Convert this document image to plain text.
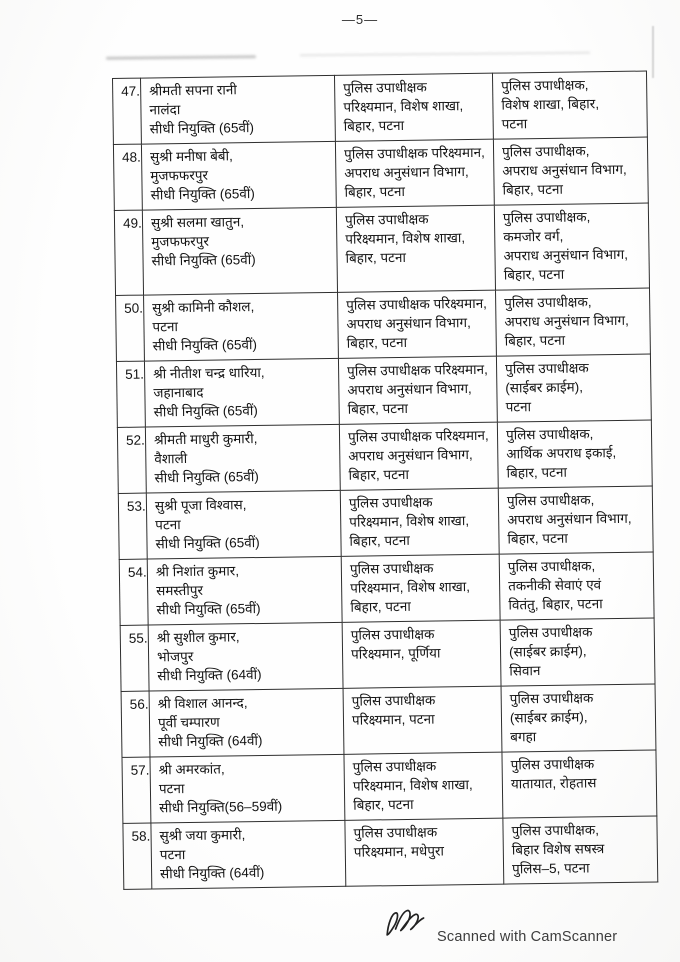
—5—
47.	श्रीमती सपना रानी
नालंदा
सीधी नियुक्ति (65वीं)	पुलिस उपाधीक्षक
परिक्ष्यमान, विशेष शाखा,
बिहार, पटना	पुलिस उपाधीक्षक,
विशेष शाखा, बिहार,
पटना
48.	सुश्री मनीषा बेबी,
मुजफफरपुर
सीधी नियुक्ति (65वीं)	पुलिस उपाधीक्षक परिक्ष्यमान,
अपराध अनुसंधान विभाग,
बिहार, पटना	पुलिस उपाधीक्षक,
अपराध अनुसंधान विभाग,
बिहार, पटना
49.	सुश्री सलमा खातुन,
मुजफफरपुर
सीधी नियुक्ति (65वीं)	पुलिस उपाधीक्षक
परिक्ष्यमान, विशेष शाखा,
बिहार, पटना	पुलिस उपाधीक्षक,
कमजोर वर्ग,
अपराध अनुसंधान विभाग,
बिहार, पटना
50.	सुश्री कामिनी कौशल,
पटना
सीधी नियुक्ति (65वीं)	पुलिस उपाधीक्षक परिक्ष्यमान,
अपराध अनुसंधान विभाग,
बिहार, पटना	पुलिस उपाधीक्षक,
अपराध अनुसंधान विभाग,
बिहार, पटना
51.	श्री नीतीश चन्द्र धारिया,
जहानाबाद
सीधी नियुक्ति (65वीं)	पुलिस उपाधीक्षक परिक्ष्यमान,
अपराध अनुसंधान विभाग,
बिहार, पटना	पुलिस उपाधीक्षक
(साईबर क्राईम),
पटना
52.	श्रीमती माधुरी कुमारी,
वैशाली
सीधी नियुक्ति (65वीं)	पुलिस उपाधीक्षक परिक्ष्यमान,
अपराध अनुसंधान विभाग,
बिहार, पटना	पुलिस उपाधीक्षक,
आर्थिक अपराध इकाई,
बिहार, पटना
53.	सुश्री पूजा विश्वास,
पटना
सीधी नियुक्ति (65वीं)	पुलिस उपाधीक्षक
परिक्ष्यमान, विशेष शाखा,
बिहार, पटना	पुलिस उपाधीक्षक,
अपराध अनुसंधान विभाग,
बिहार, पटना
54.	श्री निशांत कुमार,
समस्तीपुर
सीधी नियुक्ति (65वीं)	पुलिस उपाधीक्षक
परिक्ष्यमान, विशेष शाखा,
बिहार, पटना	पुलिस उपाधीक्षक,
तकनीकी सेवाएं एवं
वितंतु, बिहार, पटना
55.	श्री सुशील कुमार,
भोजपुर
सीधी नियुक्ति (64वीं)	पुलिस उपाधीक्षक
परिक्ष्यमान, पूर्णिया	पुलिस उपाधीक्षक
(साईबर क्राईम),
सिवान
56.	श्री विशाल आनन्द,
पूर्वी चम्पारण
सीधी नियुक्ति (64वीं)	पुलिस उपाधीक्षक
परिक्ष्यमान, पटना	पुलिस उपाधीक्षक
(साईबर क्राईम),
बगहा
57.	श्री अमरकांत,
पटना
सीधी नियुक्ति(56–59वीं)	पुलिस उपाधीक्षक
परिक्ष्यमान, विशेष शाखा,
बिहार, पटना	पुलिस उपाधीक्षक
यातायात, रोहतास
58.	सुश्री जया कुमारी,
पटना
सीधी नियुक्ति (64वीं)	पुलिस उपाधीक्षक
परिक्ष्यमान, मधेपुरा	पुलिस उपाधीक्षक,
बिहार विशेष सषस्त्र
पुलिस–5, पटना
Scanned with CamScanner
